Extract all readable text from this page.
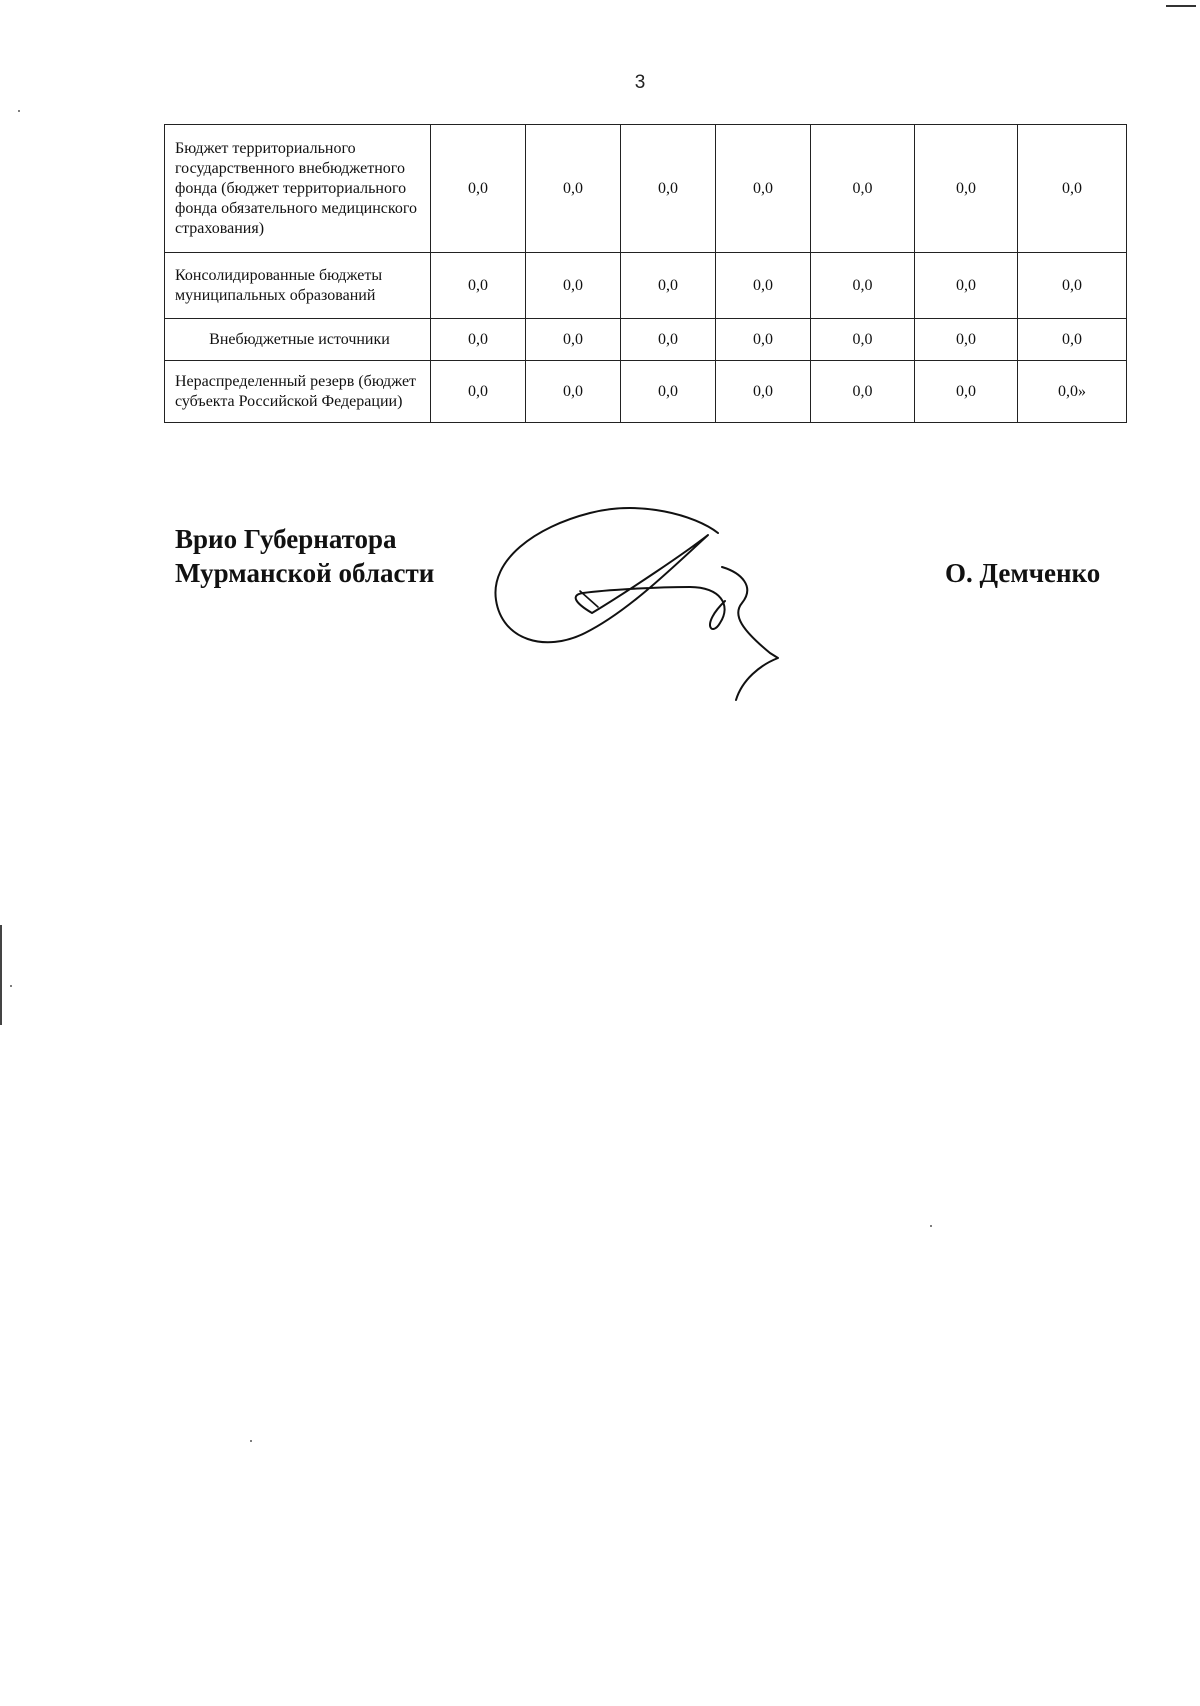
3
Бюджет территориального государственного внебюджетного фонда (бюджет территориального фонда обязательного медицинского страхования)	0,0	0,0	0,0	0,0	0,0	0,0	0,0
Консолидированные бюджеты муниципальных образований	0,0	0,0	0,0	0,0	0,0	0,0	0,0
Внебюджетные источники	0,0	0,0	0,0	0,0	0,0	0,0	0,0
Нераспределенный резерв (бюджет субъекта Российской Федерации)	0,0	0,0	0,0	0,0	0,0	0,0	0,0»
Врио Губернатора
Мурманской области	О. Демченко
